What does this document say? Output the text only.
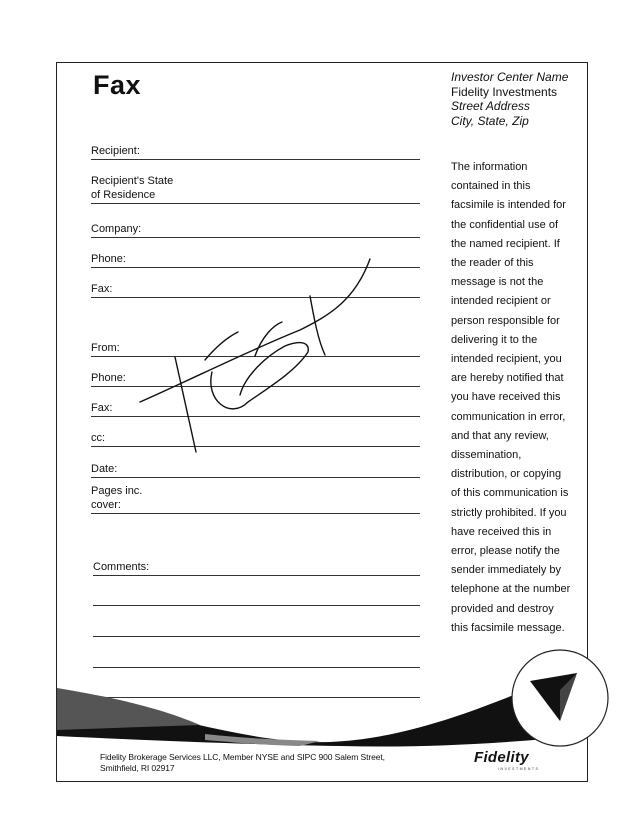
Fax	Investor Center Name
Fidelity Investments
Street Address
City, State, Zip
Recipient:
Recipient's State
of Residence
Company:
Phone:
Fax:
From:
Phone:
Fax:
cc:
Date:
Pages inc.
cover:
Comments:
The information
contained in this
facsimile is intended for
the confidential use of
the named recipient. If
the reader of this
message is not the
intended recipient or
person responsible for
delivering it to the
intended recipient, you
are hereby notified that
you have received this
communication in error,
and that any review,
dissemination,
distribution, or copying
of this communication is
strictly prohibited. If you
have received this in
error, please notify the
sender immediately by
telephone at the number
provided and destroy
this facsimile message.
Fidelity Brokerage Services LLC, Member NYSE and SIPC 900 Salem Street,
Smithfield, RI 02917
Fidelity
INVESTMENTS
